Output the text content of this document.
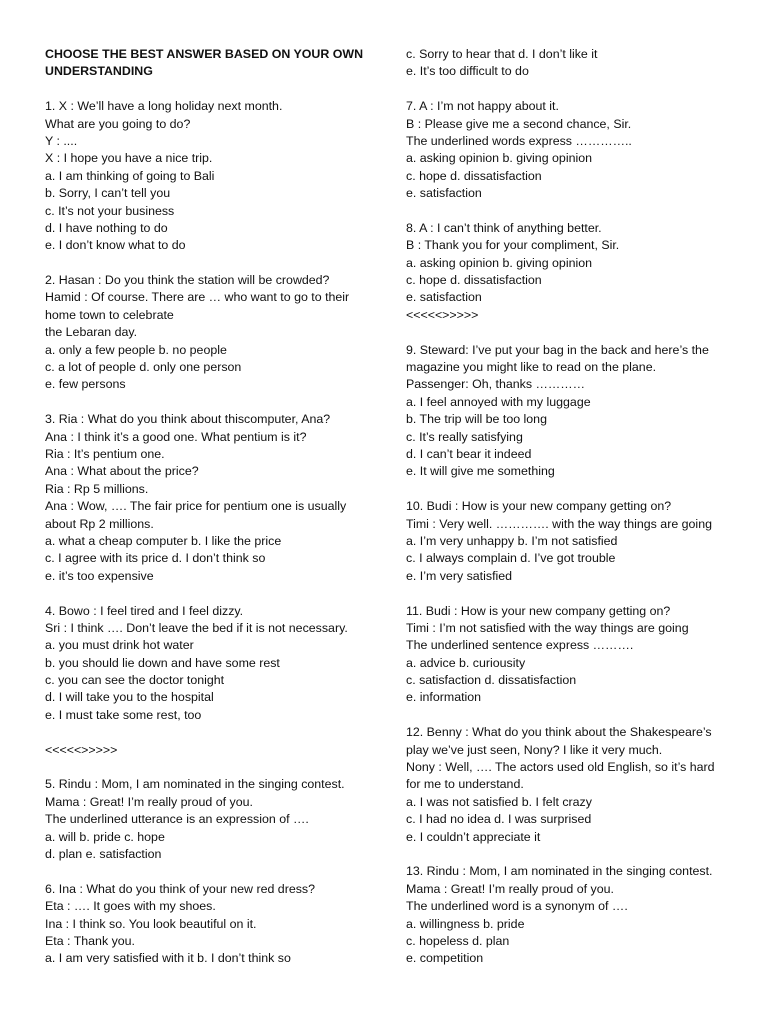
CHOOSE THE BEST ANSWER BASED ON YOUR OWN
UNDERSTANDING
1. X : We’ll have a long holiday next month.
What are you going to do?
Y : ....
X : I hope you have a nice trip.
a. I am thinking of going to Bali
b. Sorry, I can’t tell you
c. It’s not your business
d. I have nothing to do
e. I don’t know what to do
2. Hasan : Do you think the station will be crowded?
Hamid : Of course. There are … who want to go to their
home town to celebrate
the Lebaran day.
a. only a few people b. no people
c. a lot of people d. only one person
e. few persons
3. Ria : What do you think about thiscomputer, Ana?
Ana : I think it’s a good one. What pentium is it?
Ria : It’s pentium one.
Ana : What about the price?
Ria : Rp 5 millions.
Ana : Wow, …. The fair price for pentium one is usually
about Rp 2 millions.
a. what a cheap computer b. I like the price
c. I agree with its price d. I don’t think so
e. it’s too expensive
4. Bowo : I feel tired and I feel dizzy.
Sri : I think …. Don’t leave the bed if it is not necessary.
a. you must drink hot water
b. you should lie down and have some rest
c. you can see the doctor tonight
d. I will take you to the hospital
e. I must take some rest, too
<<<<<>>>>>
5. Rindu : Mom, I am nominated in the singing contest.
Mama : Great! I’m really proud of you.
The underlined utterance is an expression of ….
a. will b. pride c. hope
d. plan e. satisfaction
6. Ina : What do you think of your new red dress?
Eta : …. It goes with my shoes.
Ina : I think so. You look beautiful on it.
Eta : Thank you.
a. I am very satisfied with it b. I don’t think so
c. Sorry to hear that d. I don’t like it
e. It’s too difficult to do
7. A : I’m not happy about it.
B : Please give me a second chance, Sir.
The underlined words express …………..
a. asking opinion b. giving opinion
c. hope d. dissatisfaction
e. satisfaction
8. A : I can’t think of anything better.
B : Thank you for your compliment, Sir.
a. asking opinion b. giving opinion
c. hope d. dissatisfaction
e. satisfaction
<<<<<>>>>>
9. Steward: I’ve put your bag in the back and here’s the
magazine you might like to read on the plane.
Passenger: Oh, thanks …………
a. I feel annoyed with my luggage
b. The trip will be too long
c. It’s really satisfying
d. I can’t bear it indeed
e. It will give me something
10. Budi : How is your new company getting on?
Timi : Very well. …………. with the way things are going
a. I’m very unhappy b. I’m not satisfied
c. I always complain d. I’ve got trouble
e. I’m very satisfied
11. Budi : How is your new company getting on?
Timi : I’m not satisfied with the way things are going
The underlined sentence express ……….
a. advice b. curiousity
c. satisfaction d. dissatisfaction
e. information
12. Benny : What do you think about the Shakespeare’s
play we’ve just seen, Nony? I like it very much.
Nony : Well, …. The actors used old English, so it’s hard
for me to understand.
a. I was not satisfied b. I felt crazy
c. I had no idea d. I was surprised
e. I couldn’t appreciate it
13. Rindu : Mom, I am nominated in the singing contest.
Mama : Great! I’m really proud of you.
The underlined word is a synonym of ….
a. willingness b. pride
c. hopeless d. plan
e. competition
